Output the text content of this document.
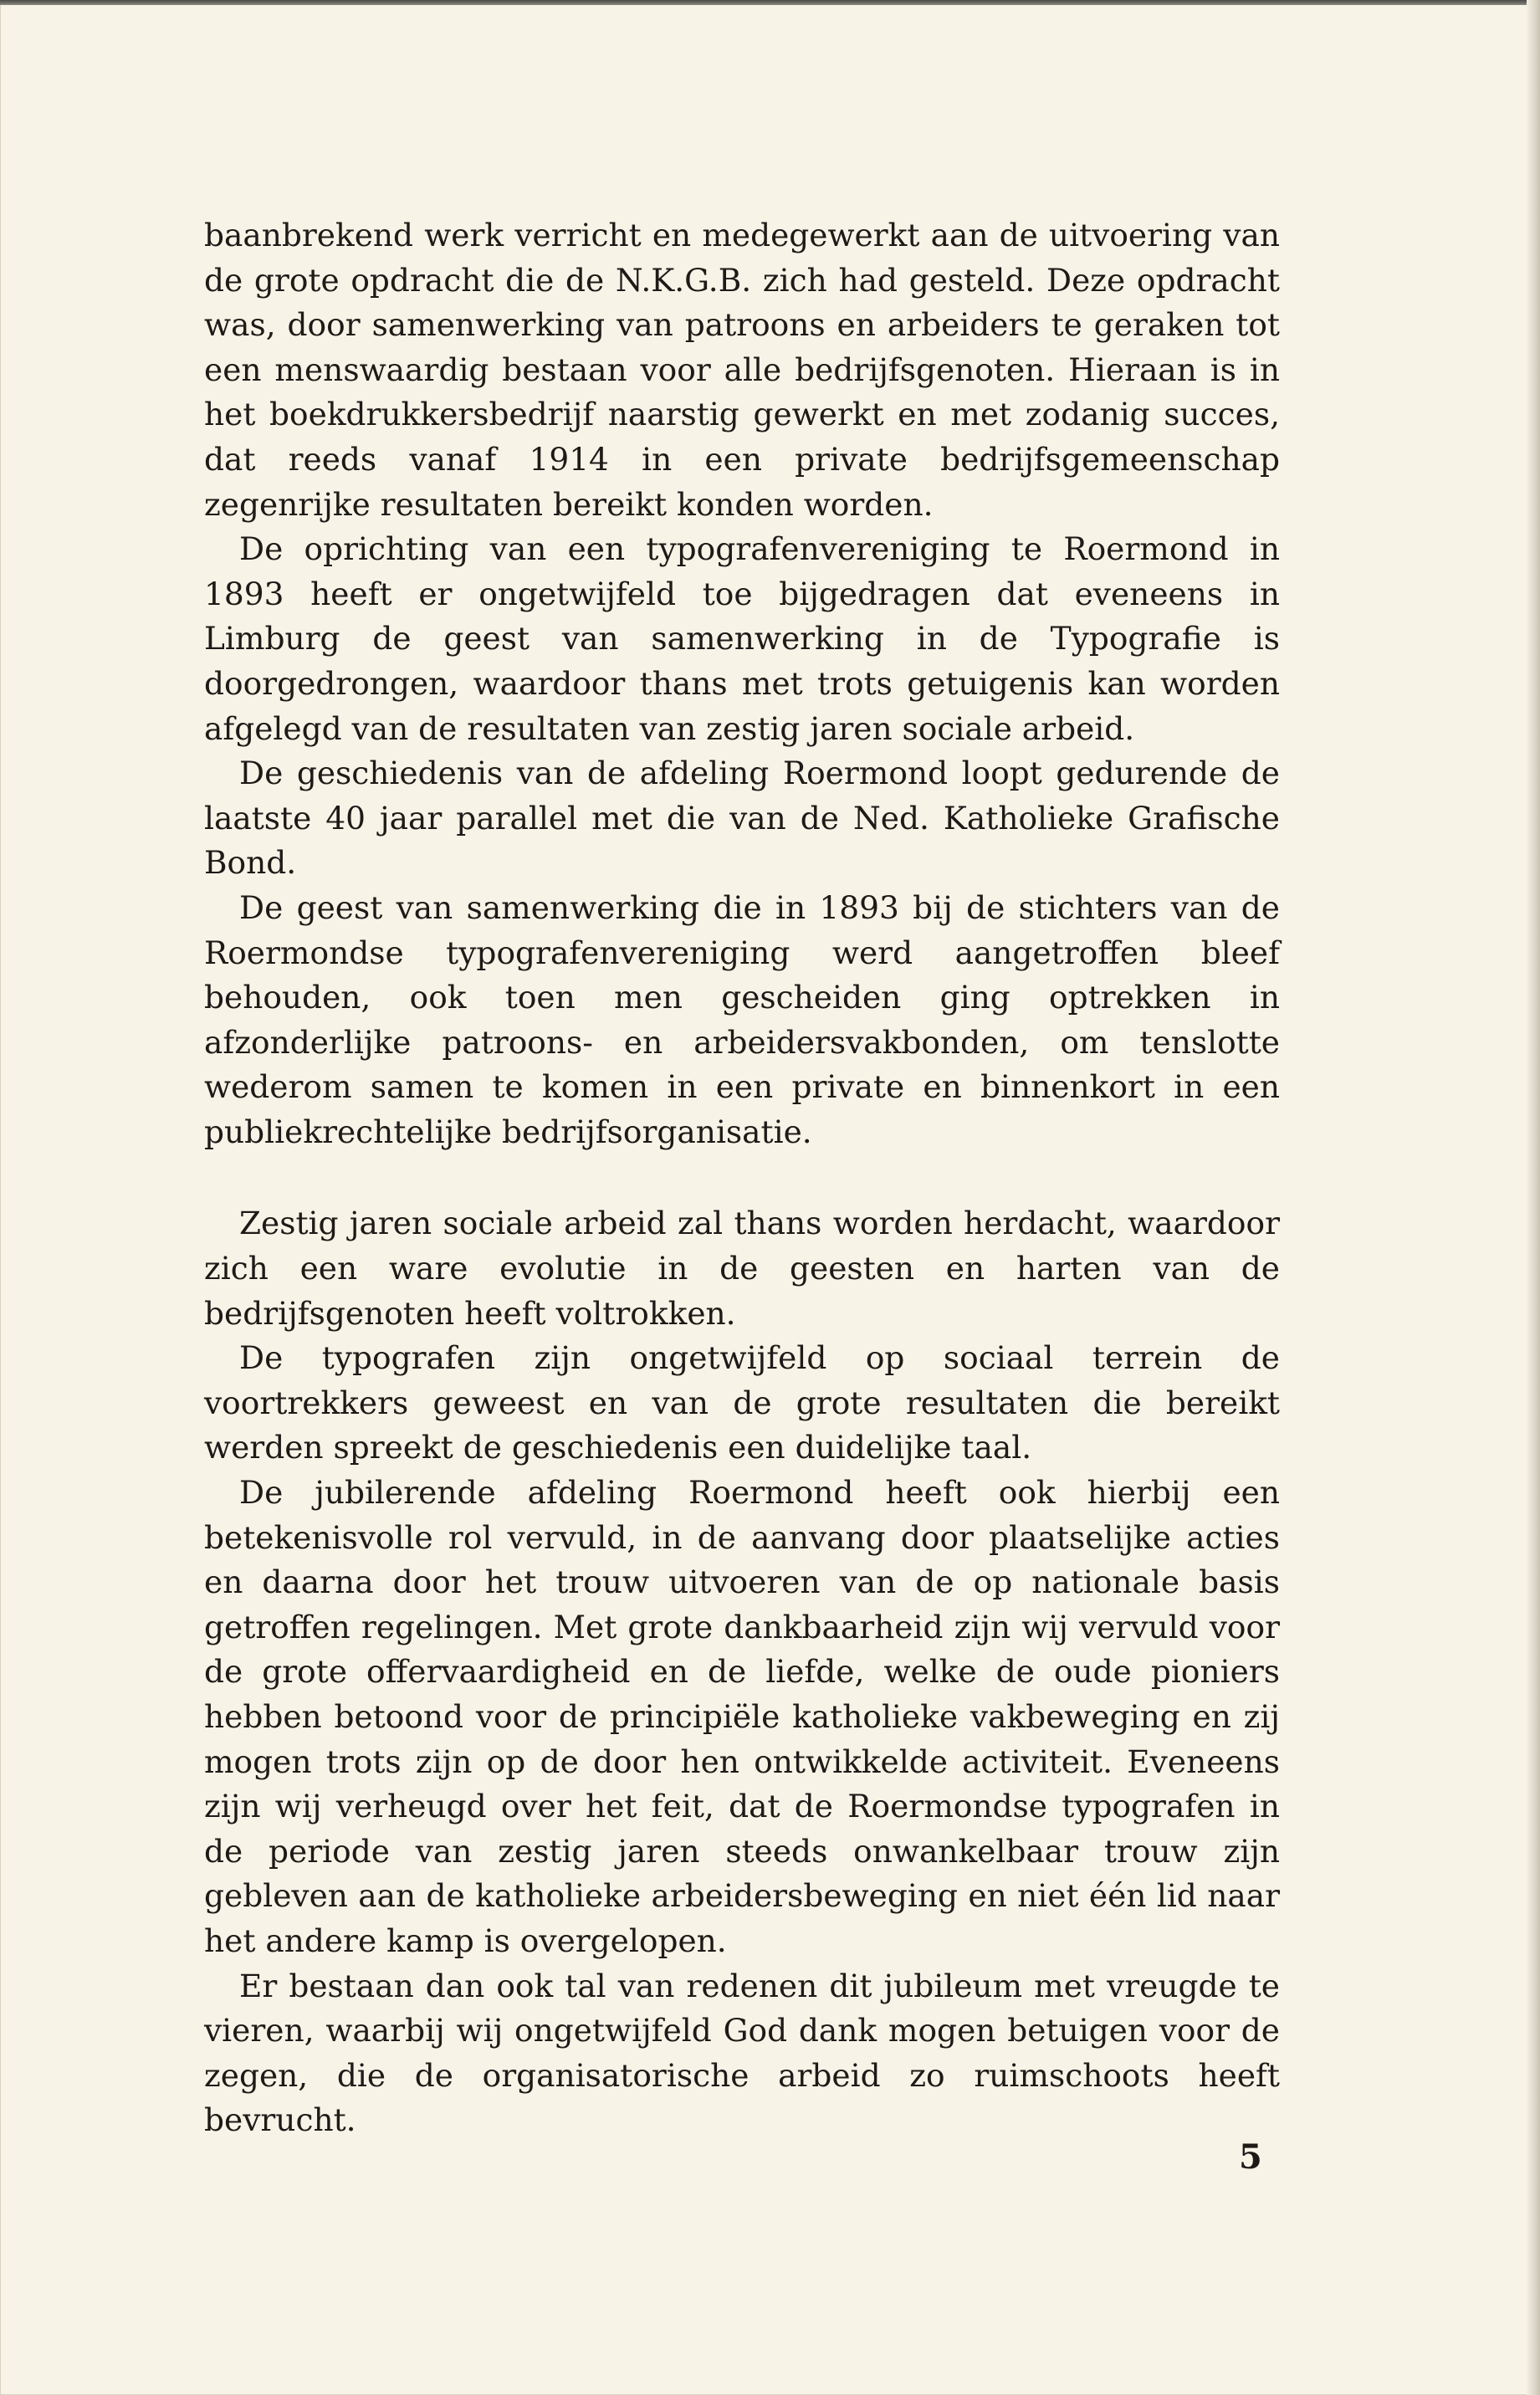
baanbrekend werk verricht en medegewerkt aan de uitvoering van de grote opdracht die de N.K.G.B. zich had gesteld. Deze opdracht was, door samenwerking van patroons en arbeiders te geraken tot een menswaardig bestaan voor alle bedrijfsgenoten. Hieraan is in het boekdrukkersbedrijf naarstig gewerkt en met zodanig succes, dat reeds vanaf 1914 in een private bedrijfsgemeenschap zegenrijke resultaten bereikt konden worden.

De oprichting van een typografenvereniging te Roermond in 1893 heeft er ongetwijfeld toe bijgedragen dat eveneens in Limburg de geest van samenwerking in de Typografie is doorgedrongen, waardoor thans met trots getuigenis kan worden afgelegd van de resultaten van zestig jaren sociale arbeid.

De geschiedenis van de afdeling Roermond loopt gedurende de laatste 40 jaar parallel met die van de Ned. Katholieke Grafische Bond.

De geest van samenwerking die in 1893 bij de stichters van de Roermondse typografenvereniging werd aangetroffen bleef behouden, ook toen men gescheiden ging optrekken in afzonderlijke patroons- en arbeidersvakbonden, om tenslotte wederom samen te komen in een private en binnenkort in een publiekrechtelijke bedrijfsorganisatie.

Zestig jaren sociale arbeid zal thans worden herdacht, waardoor zich een ware evolutie in de geesten en harten van de bedrijfsgenoten heeft voltrokken.

De typografen zijn ongetwijfeld op sociaal terrein de voortrekkers geweest en van de grote resultaten die bereikt werden spreekt de geschiedenis een duidelijke taal.

De jubilerende afdeling Roermond heeft ook hierbij een betekenisvolle rol vervuld, in de aanvang door plaatselijke acties en daarna door het trouw uitvoeren van de op nationale basis getroffen regelingen. Met grote dankbaarheid zijn wij vervuld voor de grote offervaardigheid en de liefde, welke de oude pioniers hebben betoond voor de principiële katholieke vakbeweging en zij mogen trots zijn op de door hen ontwikkelde activiteit. Eveneens zijn wij verheugd over het feit, dat de Roermondse typografen in de periode van zestig jaren steeds onwankelbaar trouw zijn gebleven aan de katholieke arbeidersbeweging en niet één lid naar het andere kamp is overgelopen.

Er bestaan dan ook tal van redenen dit jubileum met vreugde te vieren, waarbij wij ongetwijfeld God dank mogen betuigen voor de zegen, die de organisatorische arbeid zo ruimschoots heeft bevrucht.

5
